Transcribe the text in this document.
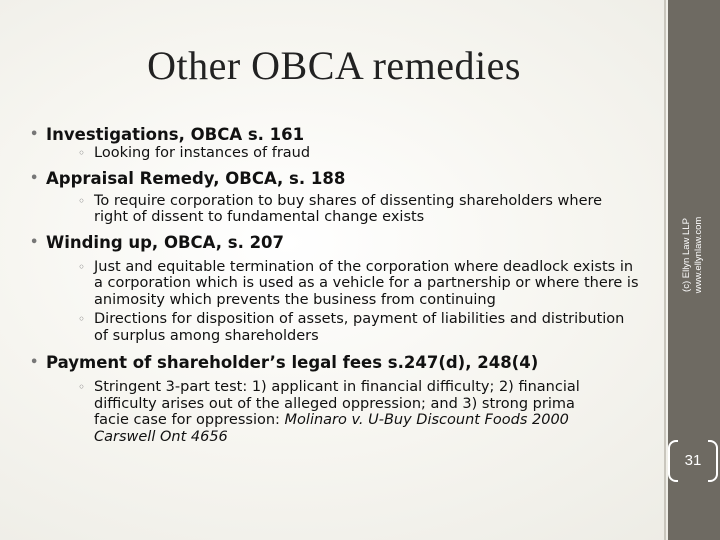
(c) Ellyn Law LLP www.ellynlaw.com
Other OBCA remedies
• Investigations, OBCA s. 161
◦ Looking for instances of fraud
• Appraisal Remedy, OBCA, s. 188
◦ To require corporation to buy shares of dissenting shareholders where right of dissent to fundamental change exists
• Winding up, OBCA, s. 207
◦ Just and equitable termination of the corporation where deadlock exists in a corporation which is used as a vehicle for a partnership or where there is animosity which prevents the business from continuing
◦ Directions for disposition of assets, payment of liabilities and distribution of surplus among shareholders
• Payment of shareholder’s legal fees s.247(d), 248(4)
◦ Stringent 3-part test: 1) applicant in financial difficulty; 2) financial difficulty arises out of the alleged oppression; and 3) strong prima facie case for oppression: Molinaro v. U-Buy Discount Foods 2000 Carswell Ont 4656
31
